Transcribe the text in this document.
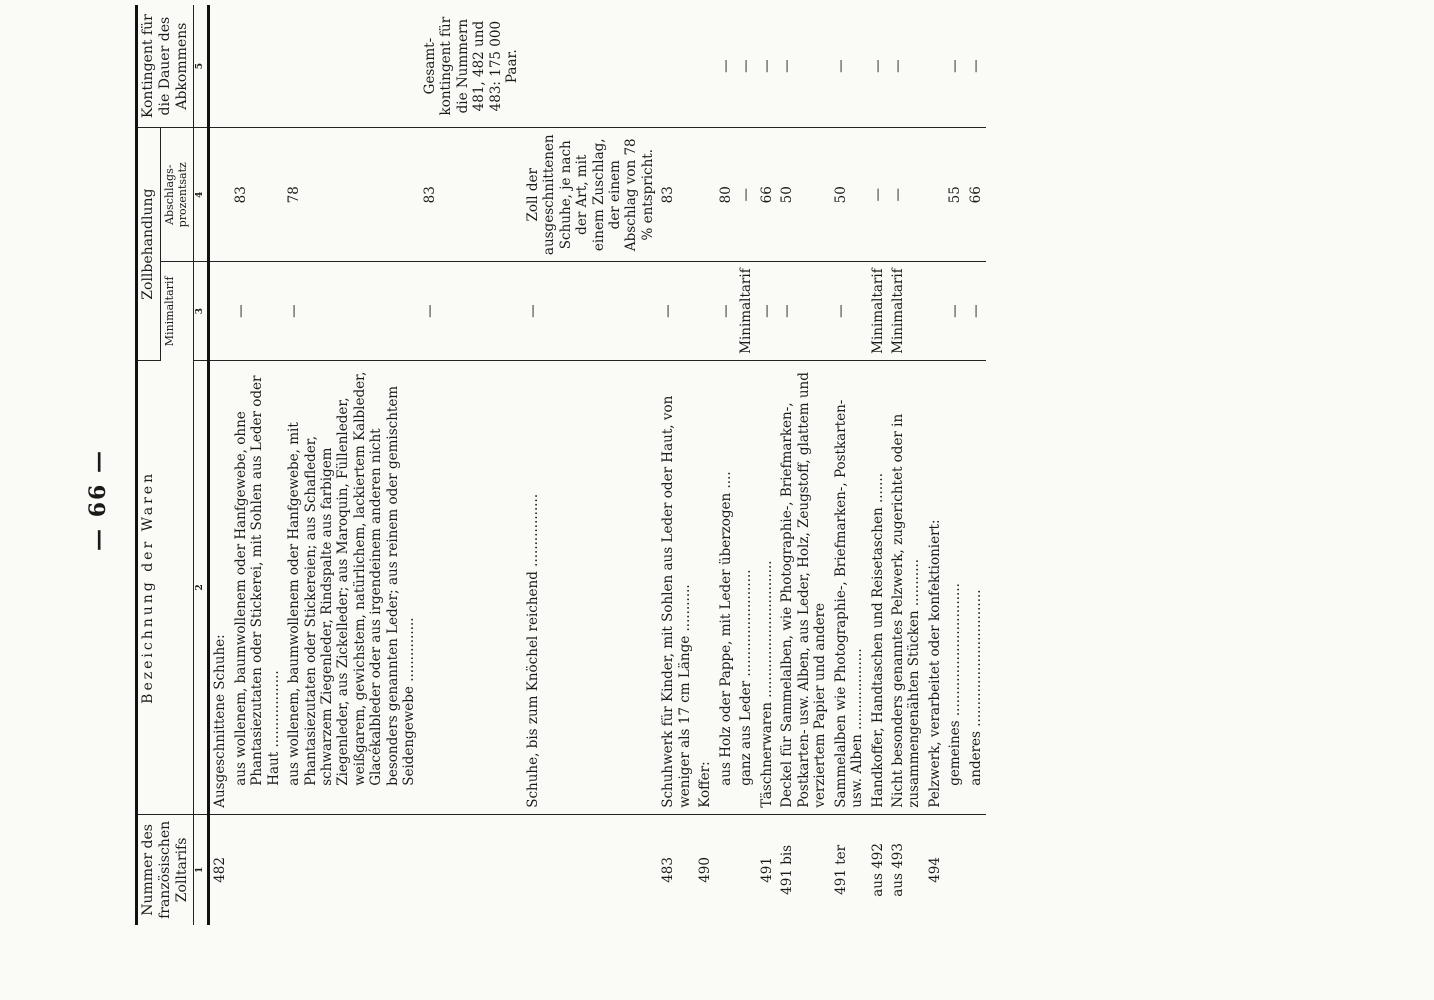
— 66 —
Nummer des französischen Zolltarifs	Bezeichnung der Waren	Zollbehandlung		Kontingent für die Dauer des Abkommens
		Minimaltarif	Abschlags-prozentsatz	
1	2	3	4	5
482	Ausgeschnittene Schuhe:			

	aus wollenem, baumwollenem oder Hanfgewebe, ohne Phantasiezutaten oder Stickerei, mit Sohlen aus Leder oder Haut ..................	—	83	

	aus wollenem, baumwollenem oder Hanfgewebe, mit Phantasiezutaten oder Stickereien; aus Schafleder, schwarzem Ziegenleder, Rindspalte aus farbigem Ziegenleder, aus Zickelleder; aus Maroquin, Füllenleder, weißgarem, gewichstem, natürlichem, lackiertem Kalbleder, Glacékalbleder oder aus irgendeinem anderen nicht besonders genannten Leder; aus reinem oder gemischtem Seidengewebe ...............	—	78	
		—	83	Gesamt-kontingent für die Nummern 481, 482 und 483: 175 000 Paar.
	Schuhe, bis zum Knöchel reichend .................	—	Zoll der ausgeschnittenen Schuhe, je nach der Art, mit einem Zuschlag, der einem Abschlag von 78 % entspricht.	
483	Schuhwerk für Kinder, mit Sohlen aus Leder oder Haut, von weniger als 17 cm Länge ...........	—	83	
490	Koffer:			

	aus Holz oder Pappe, mit Leder überzogen ....	—	80	—

	ganz aus Leder .........................	Minimaltarif	—	—
491	Täschnerwaren ................................	—	66	—
491 bis	Deckel für Sammelalben, wie Photographie-, Briefmarken-, Postkarten- usw. Alben, aus Leder, Holz, Zeugstoff, glattem und verziertem Papier und andere	—	50	—
491 ter	Sammelalben wie Photographie-, Briefmarken-, Postkarten- usw. Alben ...................	—	50	—
aus 492	Handkoffer, Handtaschen und Reisetaschen .......	Minimaltarif	—	—
aus 493	Nicht besonders genanntes Pelzwerk, zugerichtet oder in zusammengenähten Stücken ...........	Minimaltarif	—	—
494	Pelzwerk, verarbeitet oder konfektioniert:			

	gemeines ...............................	—	55	—

	anderes ................................	—	66	—
